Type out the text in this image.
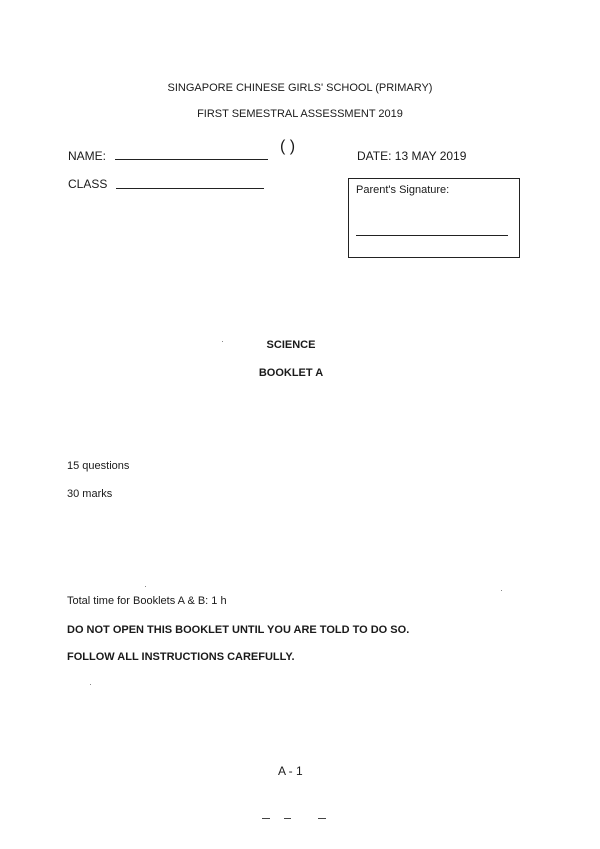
SINGAPORE CHINESE GIRLS' SCHOOL (PRIMARY)
FIRST SEMESTRAL ASSESSMENT 2019
NAME:
( )
DATE: 13 MAY 2019
CLASS	Parent's Signature:
SCIENCE
BOOKLET A
15 questions
30 marks
Total time for Booklets A & B: 1 h
DO NOT OPEN THIS BOOKLET UNTIL YOU ARE TOLD TO DO SO.
FOLLOW ALL INSTRUCTIONS CAREFULLY.
A - 1
